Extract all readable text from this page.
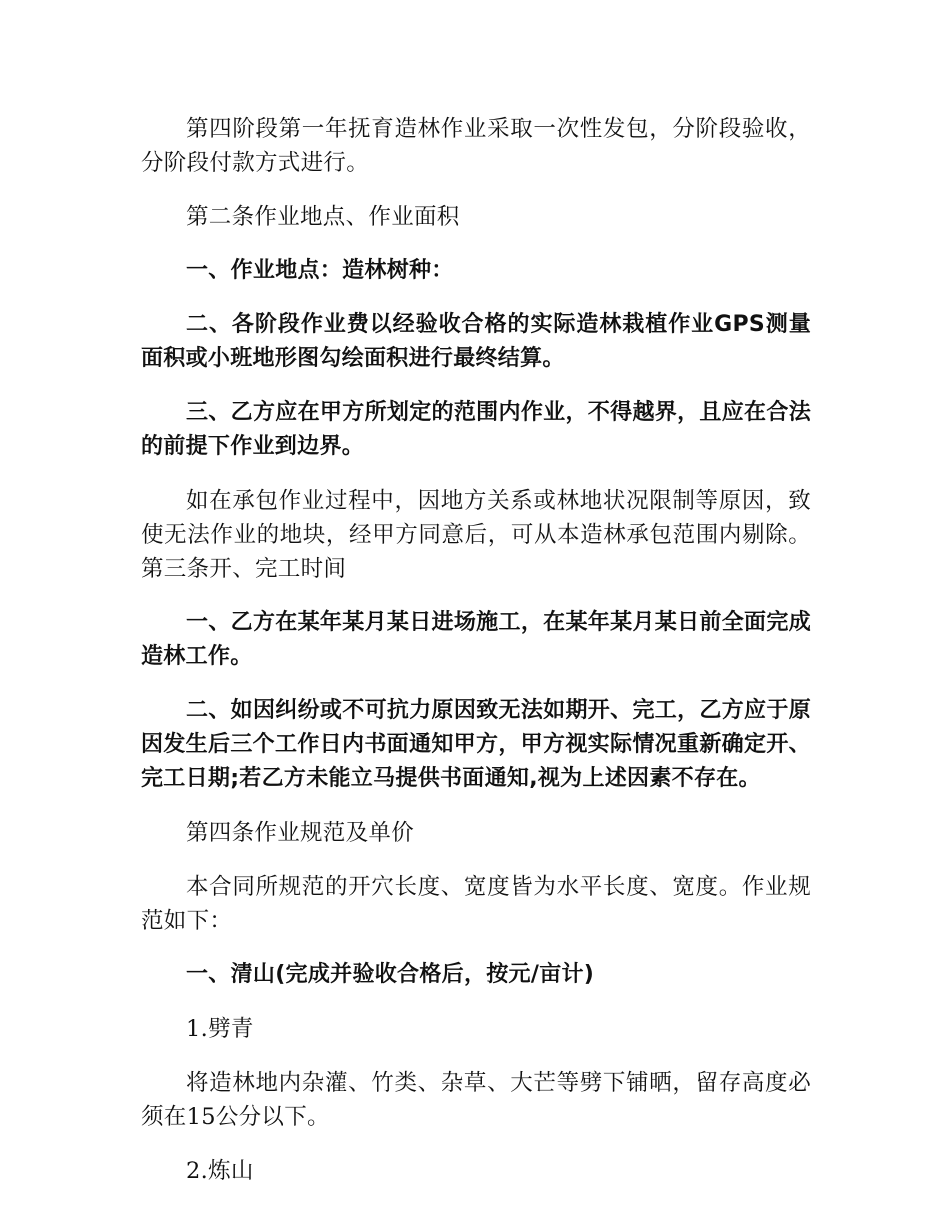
第四阶段第一年抚育造林作业采取一次性发包，分阶段验收，分阶段付款方式进行。

第二条作业地点、作业面积

一、作业地点：造林树种：

二、各阶段作业费以经验收合格的实际造林栽植作业GPS测量面积或小班地形图勾绘面积进行最终结算。

三、乙方应在甲方所划定的范围内作业，不得越界，且应在合法的前提下作业到边界。

如在承包作业过程中，因地方关系或林地状况限制等原因，致使无法作业的地块，经甲方同意后，可从本造林承包范围内剔除。第三条开、完工时间

一、乙方在某年某月某日进场施工，在某年某月某日前全面完成造林工作。

二、如因纠纷或不可抗力原因致无法如期开、完工，乙方应于原因发生后三个工作日内书面通知甲方，甲方视实际情况重新确定开、完工日期;若乙方未能立马提供书面通知,视为上述因素不存在。

第四条作业规范及单价

本合同所规范的开穴长度、宽度皆为水平长度、宽度。作业规范如下：

一、清山(完成并验收合格后，按元/亩计)

1.劈青

将造林地内杂灌、竹类、杂草、大芒等劈下铺晒，留存高度必须在15公分以下。

2.炼山
